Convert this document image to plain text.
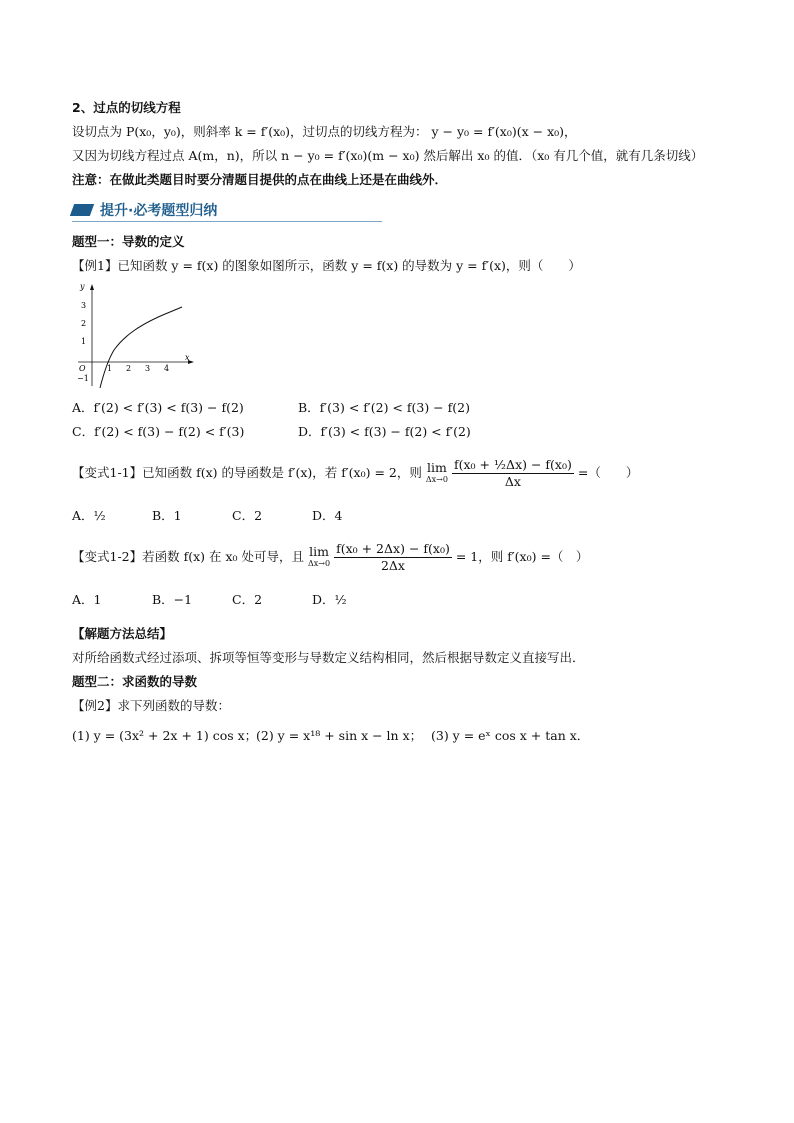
2、过点的切线方程
设切点为 P(x₀，y₀)，则斜率 k = f′(x₀)，过切点的切线方程为： y − y₀ = f′(x₀)(x − x₀)，
又因为切线方程过点 A(m，n)，所以 n − y₀ = f′(x₀)(m − x₀) 然后解出 x₀ 的值．（x₀ 有几个值，就有几条切线）
注意：在做此类题目时要分清题目提供的点在曲线上还是在曲线外．
提升·必考题型归纳
题型一：导数的定义
【例1】已知函数 y = f(x) 的图象如图所示，函数 y = f(x) 的导数为 y = f′(x)，则（　　）
y
x
O
3
2
1
−1
1 2 3 4
A．f′(2) < f′(3) < f(3) − f(2)	B．f′(3) < f′(2) < f(3) − f(2)
C．f′(2) < f(3) − f(2) < f′(3)	D．f′(3) < f(3) − f(2) < f′(2)
【变式1-1】已知函数 f(x) 的导函数是 f′(x)，若 f′(x₀) = 2，则 lim
Δx→0
$\frac{\text{f(x₀ + ½Δx) − f(x₀)}}{\Delta x}$ =（　　）
A．½	B．1	C．2	D．4
【变式1-2】若函数 f(x) 在 x₀ 处可导，且 lim
Δx→0
$\frac{\text{f(x₀ + 2Δx) − f(x₀)}}{2\Delta x} = 1$，则 f′(x₀) =（　）
A．1	B．−1	C．2	D．½
【解题方法总结】
对所给函数式经过添项、拆项等恒等变形与导数定义结构相同，然后根据导数定义直接写出．
题型二：求函数的导数
【例2】求下列函数的导数：
(1) y = (3x² + 2x + 1) cos x；
(2) y = x¹⁸ + sin x − ln x； (3) y = eˣ cos x + tan x．
